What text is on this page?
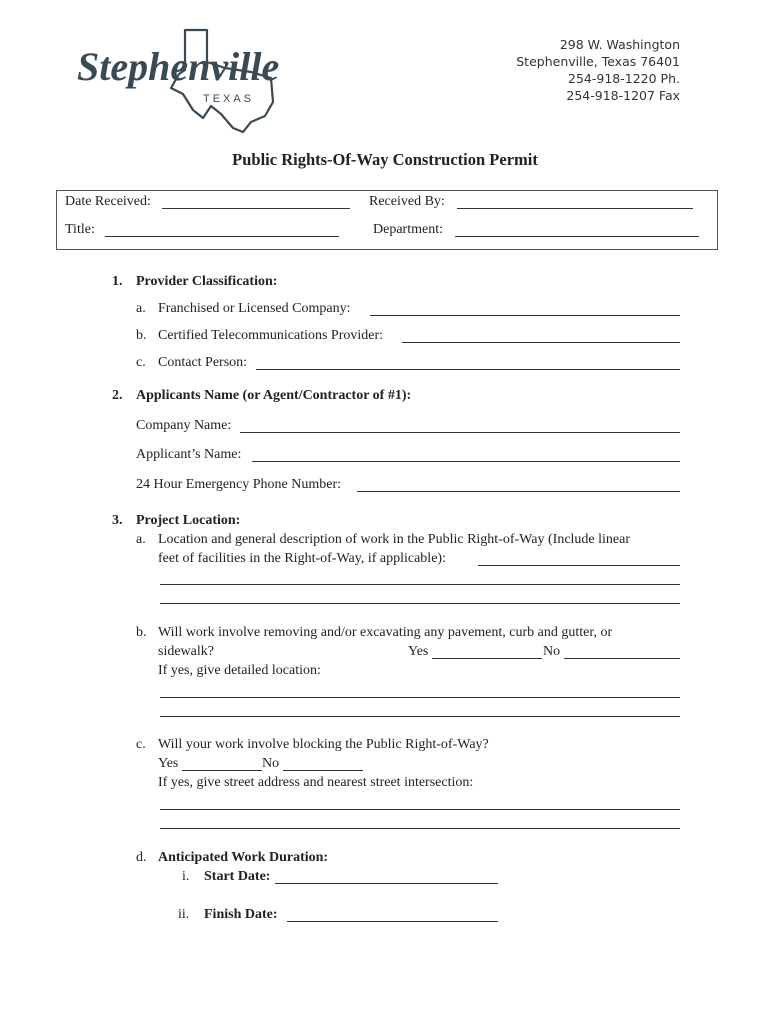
Stephenville
TEXAS
298 W. Washington
Stephenville, Texas 76401
254-918-1220 Ph.
254-918-1207 Fax
Public Rights-Of-Way Construction Permit
Date Received:	Received By:
Title:	Department:
1. Provider Classification:
a. Franchised or Licensed Company:
b. Certified Telecommunications Provider:
c. Contact Person:
2. Applicants Name (or Agent/Contractor of #1):
Company Name:
Applicant’s Name:
24 Hour Emergency Phone Number:
3. Project Location:
a. Location and general description of work in the Public Right-of-Way (Include linear
feet of facilities in the Right-of-Way, if applicable):
b. Will work involve removing and/or excavating any pavement, curb and gutter, or
sidewalk?	Yes	No
If yes, give detailed location:
c. Will your work involve blocking the Public Right-of-Way?
Yes	No
If yes, give street address and nearest street intersection:
d. Anticipated Work Duration:
i. Start Date:
ii. Finish Date:
